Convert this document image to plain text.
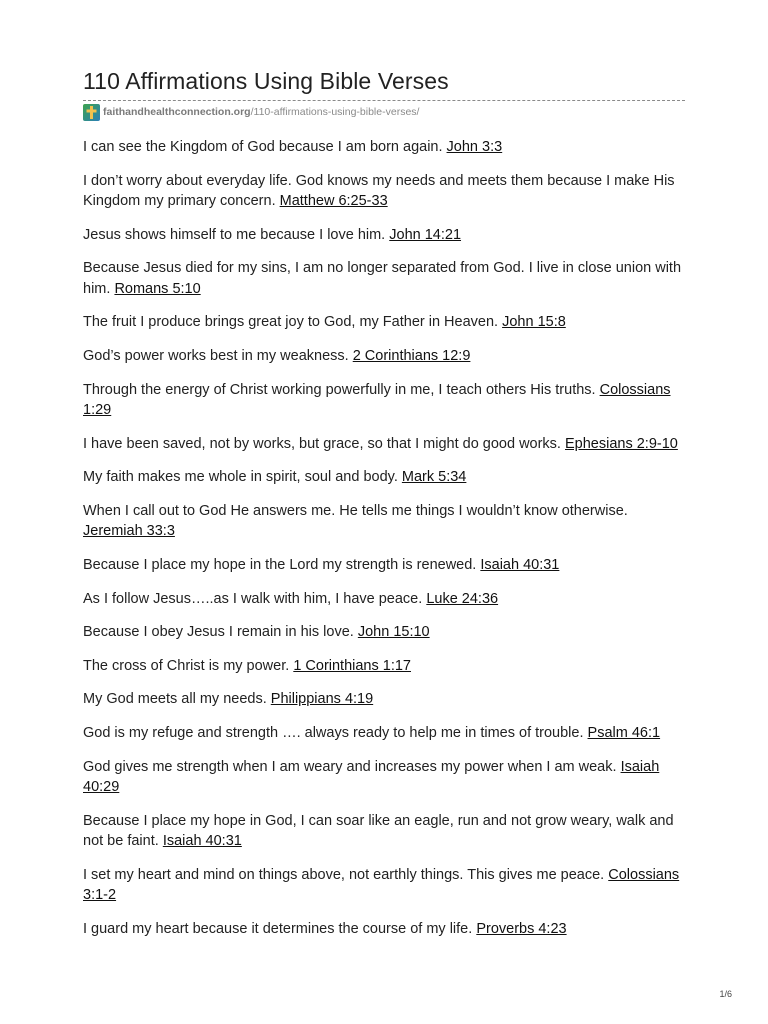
110 Affirmations Using Bible Verses
faithandhealthconnection.org /110-affirmations-using-bible-verses/

I can see the Kingdom of God because I am born again. John 3:3

I don’t worry about everyday life. God knows my needs and meets them because I make His Kingdom my primary concern. Matthew 6:25-33

Jesus shows himself to me because I love him. John 14:21

Because Jesus died for my sins, I am no longer separated from God. I live in close union with him. Romans 5:10

The fruit I produce brings great joy to God, my Father in Heaven. John 15:8

God’s power works best in my weakness. 2 Corinthians 12:9

Through the energy of Christ working powerfully in me, I teach others His truths. Colossians 1:29

I have been saved, not by works, but grace, so that I might do good works. Ephesians 2:9-10

My faith makes me whole in spirit, soul and body. Mark 5:34

When I call out to God He answers me. He tells me things I wouldn’t know otherwise. Jeremiah 33:3

Because I place my hope in the Lord my strength is renewed. Isaiah 40:31

As I follow Jesus…..as I walk with him, I have peace. Luke 24:36

Because I obey Jesus I remain in his love. John 15:10

The cross of Christ is my power. 1 Corinthians 1:17

My God meets all my needs. Philippians 4:19

God is my refuge and strength …. always ready to help me in times of trouble. Psalm 46:1

God gives me strength when I am weary and increases my power when I am weak. Isaiah 40:29

Because I place my hope in God, I can soar like an eagle, run and not grow weary, walk and not be faint. Isaiah 40:31

I set my heart and mind on things above, not earthly things. This gives me peace. Colossians 3:1-2

I guard my heart because it determines the course of my life. Proverbs 4:23

1/6
